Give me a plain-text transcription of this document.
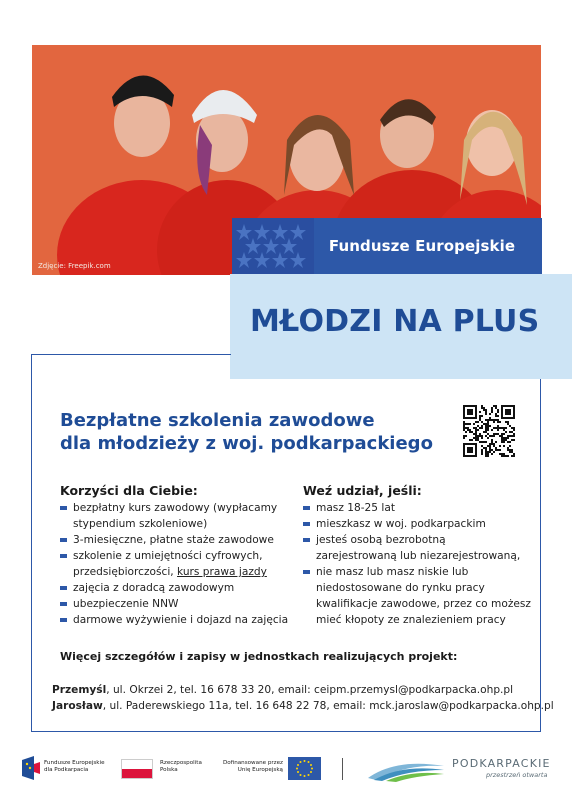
Zdjęcie: Freepik.com
Fundusze Europejskie
MŁODZI NA PLUS
Bezpłatne szkolenia zawodowe
dla młodzieży z woj. podkarpackiego
Korzyści dla Ciebie:
bezpłatny kurs zawodowy (wypłacamy
stypendium szkoleniowe)
3-miesięczne, płatne staże zawodowe
szkolenie z umiejętności cyfrowych,
przedsiębiorczości, kurs prawa jazdy
zajęcia z doradcą zawodowym
ubezpieczenie NNW
darmowe wyżywienie i dojazd na zajęcia
Weź udział, jeśli:
masz 18-25 lat
mieszkasz w woj. podkarpackim
jesteś osobą bezrobotną
zarejestrowaną lub niezarejestrowaną,
nie masz lub masz niskie lub
niedostosowane do rynku pracy
kwalifikacje zawodowe, przez co możesz
mieć kłopoty ze znalezieniem pracy
Więcej szczegółów i zapisy w jednostkach realizujących projekt:
Przemyśl, ul. Okrzei 2, tel. 16 678 33 20, email: ceipm.przemysl@podkarpacka.ohp.pl
Jarosław, ul. Paderewskiego 11a, tel. 16 648 22 78, email: mck.jaroslaw@podkarpacka.ohp.pl
Fundusze Europejskie
dla Podkarpacia
Rzeczpospolita
Polska
Dofinansowane przez
Unię Europejską	PODKARPACKIE
przestrzeń otwarta
